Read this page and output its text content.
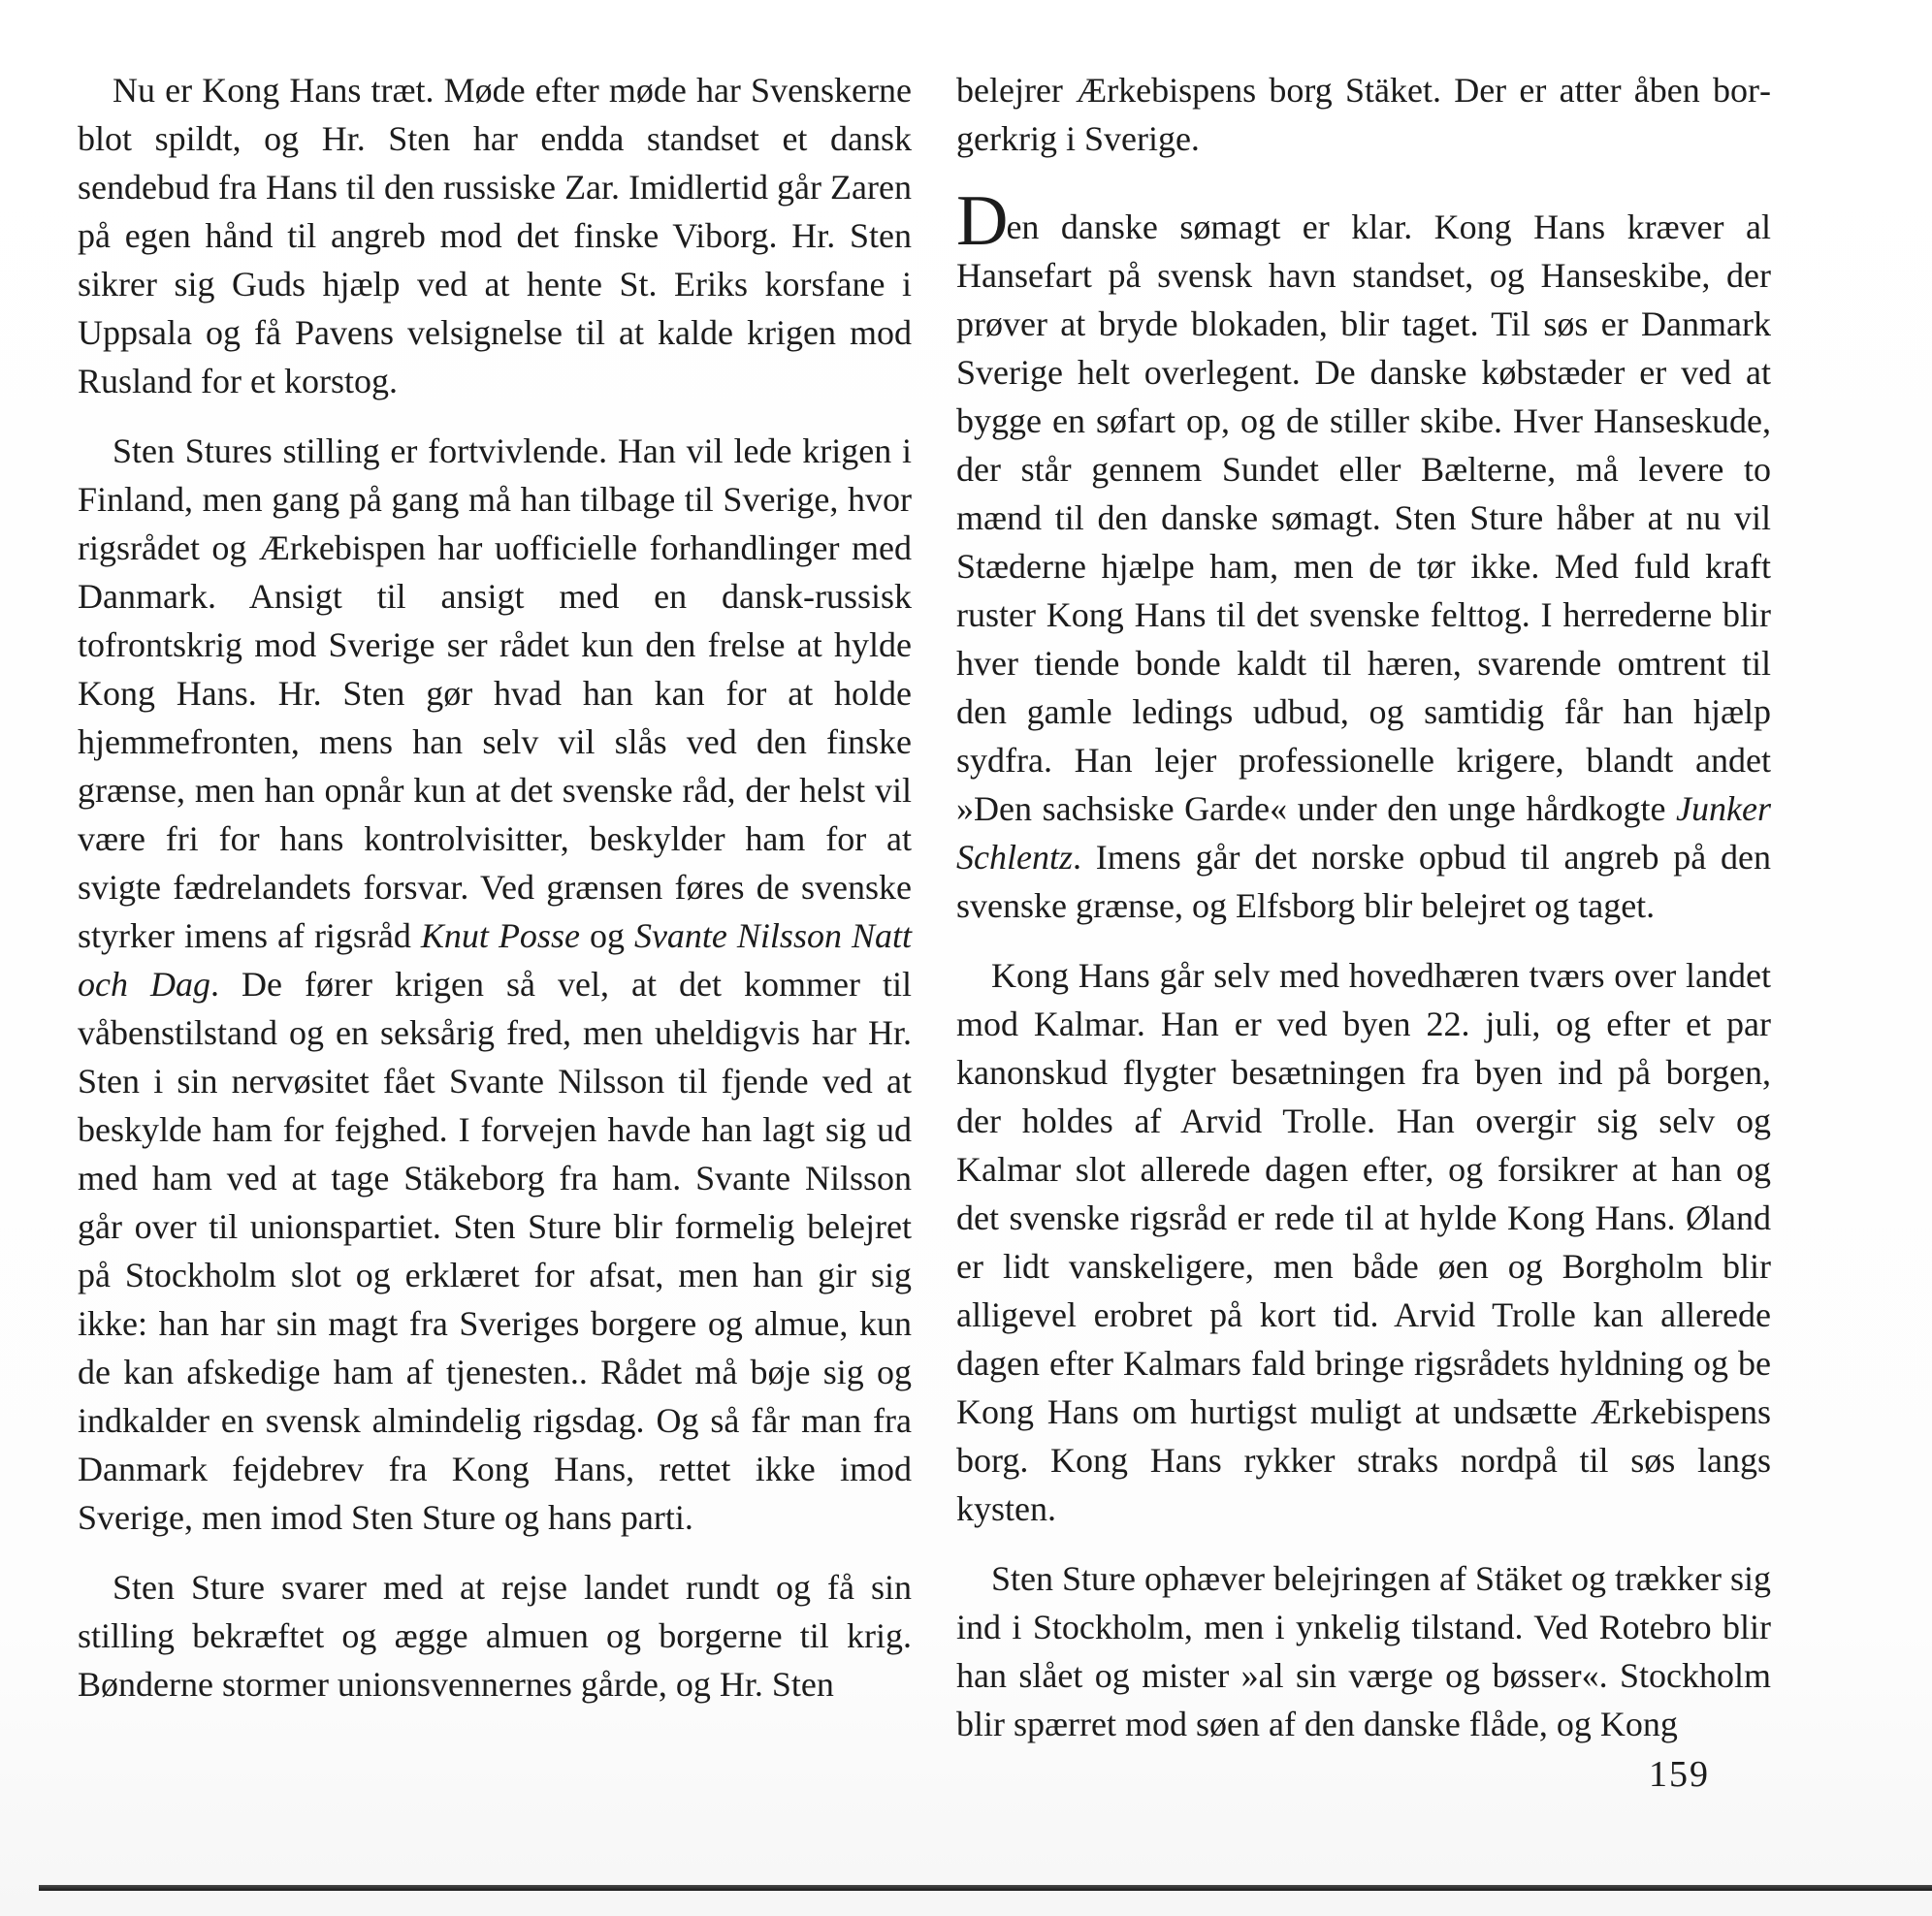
Nu er Kong Hans træt. Møde efter møde har Svenskerne blot spildt, og Hr. Sten har endda standset et dansk sendebud fra Hans til den russiske Zar. Imidlertid går Zaren på egen hånd til angreb mod det finske Viborg. Hr. Sten sikrer sig Guds hjælp ved at hente St. Eriks korsfane i Uppsala og få Pavens velsignelse til at kalde krigen mod Rusland for et korstog.

Sten Stures stilling er fortvivlende. Han vil lede krigen i Finland, men gang på gang må han tilbage til Sverige, hvor rigsrådet og Ærkebispen har uofficielle forhandlinger med Danmark. Ansigt til ansigt med en dansk-russisk tofrontskrig mod Sverige ser rådet kun den frelse at hylde Kong Hans. Hr. Sten gør hvad han kan for at holde hjemmefronten, mens han selv vil slås ved den finske grænse, men han opnår kun at det svenske råd, der helst vil være fri for hans kontrolvisitter, beskylder ham for at svigte fædrelandets forsvar. Ved grænsen føres de svenske styrker imens af rigsråd Knut Posse og Svante Nilsson Natt och Dag. De fører krigen så vel, at det kommer til våbenstilstand og en seksårig fred, men uheldigvis har Hr. Sten i sin nervøsitet fået Svante Nilsson til fjende ved at beskylde ham for fejghed. I forvejen havde han lagt sig ud med ham ved at tage Stäkeborg fra ham. Svante Nilsson går over til unionspartiet. Sten Sture blir formelig belejret på Stockholm slot og erklæret for afsat, men han gir sig ikke: han har sin magt fra Sveriges borgere og almue, kun de kan afskedige ham af tjenesten.. Rådet må bøje sig og indkalder en svensk almindelig rigsdag. Og så får man fra Danmark fejdebrev fra Kong Hans, rettet ikke imod Sverige, men imod Sten Sture og hans parti.

Sten Sture svarer med at rejse landet rundt og få sin stilling bekræftet og ægge almuen og borgerne til krig. Bønderne stormer unionsvennernes gårde, og Hr. Sten

belejrer Ærkebispens borg Stäket. Der er atter åben borgerkrig i Sverige.

Den danske sømagt er klar. Kong Hans kræver al Hansefart på svensk havn standset, og Hanseskibe, der prøver at bryde blokaden, blir taget. Til søs er Danmark Sverige helt overlegent. De danske købstæder er ved at bygge en søfart op, og de stiller skibe. Hver Hanseskude, der står gennem Sundet eller Bælterne, må levere to mænd til den danske sømagt. Sten Sture håber at nu vil Stæderne hjælpe ham, men de tør ikke. Med fuld kraft ruster Kong Hans til det svenske felttog. I herrederne blir hver tiende bonde kaldt til hæren, svarende omtrent til den gamle ledings udbud, og samtidig får han hjælp sydfra. Han lejer professionelle krigere, blandt andet »Den sachsiske Garde« under den unge hårdkogte Junker Schlentz. Imens går det norske opbud til angreb på den svenske grænse, og Elfsborg blir belejret og taget.

Kong Hans går selv med hovedhæren tværs over landet mod Kalmar. Han er ved byen 22. juli, og efter et par kanonskud flygter besætningen fra byen ind på borgen, der holdes af Arvid Trolle. Han overgir sig selv og Kalmar slot allerede dagen efter, og forsikrer at han og det svenske rigsråd er rede til at hylde Kong Hans. Øland er lidt vanskeligere, men både øen og Borgholm blir alligevel erobret på kort tid. Arvid Trolle kan allerede dagen efter Kalmars fald bringe rigsrådets hyldning og be Kong Hans om hurtigst muligt at undsætte Ærkebispens borg. Kong Hans rykker straks nordpå til søs langs kysten.

Sten Sture ophæver belejringen af Stäket og trækker sig ind i Stockholm, men i ynkelig tilstand. Ved Rotebro blir han slået og mister »al sin værge og bøsser«. Stockholm blir spærret mod søen af den danske flåde, og Kong

159
